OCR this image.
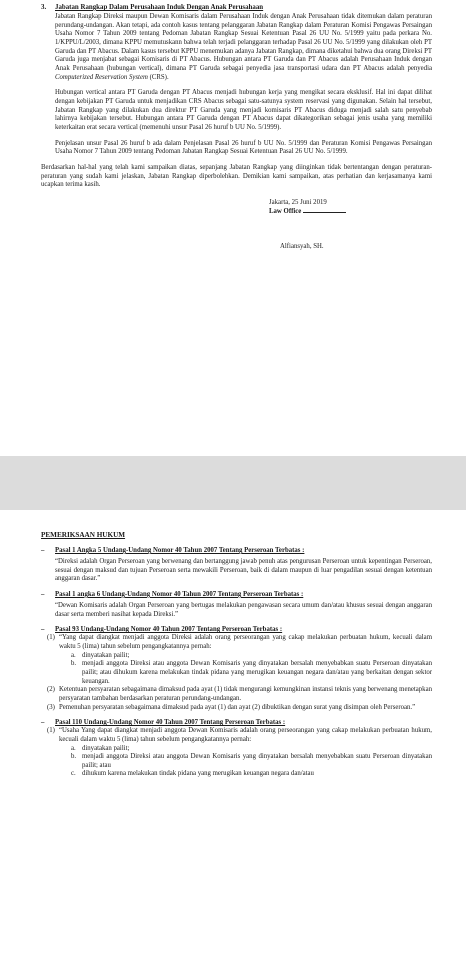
3. Jabatan Rangkap Dalam Perusahaan Induk Dengan Anak Perusahaan

Jabatan Rangkap Direksi maupun Dewan Komisaris dalam Perusahaan Induk dengan Anak Perusahaan tidak ditemukan dalam peraturan perundang-undangan. Akan tetapi, ada contoh kasus tentang pelanggaran Jabatan Rangkap dalam Peraturan Komisi Pengawas Persaingan Usaha Nomor 7 Tahun 2009 tentang Pedoman Jabatan Rangkap Sesuai Ketentuan Pasal 26 UU No. 5/1999 yaitu pada perkara No. 1/KPPU/L/2003, dimana KPPU memutuskann bahwa telah terjadi pelanggaran terhadap Pasal 26 UU No. 5/1999 yang dilakukan oleh PT Garuda dan PT Abacus. Dalam kasus tersebut KPPU menemukan adanya Jabatan Rangkap, dimana diketahui bahwa dua orang Direksi PT Garuda juga menjabat sebagai Komisaris di PT Abacus. Hubungan antara PT Garuda dan PT Abacus adalah Perusahaan Induk dengan Anak Perusahaan (hubungan vertical), dimana PT Garuda sebagai penyedia jasa transportasi udara dan PT Abacus adalah penyedia Computerized Reservation System (CRS).

Hubungan vertical antara PT Garuda dengan PT Abacus menjadi hubungan kerja yang mengikat secara eksklusif. Hal ini dapat dilihat dengan kebijakan PT Garuda untuk menjadikan CRS Abacus sebagai satu-satunya system reservasi yang digunakan. Selain hal tersebut, Jabatan Rangkap yang dilakukan dua direktur PT Garuda yang menjadi komisaris PT Abacus diduga menjadi salah satu penyebab lahirnya kebijakan tersebut. Hubungan antara PT Garuda dengan PT Abacus dapat dikategorikan sebagai jenis usaha yang memiliki keterkaitan erat secara vertical (memenuhi unsur Pasal 26 huruf b UU No. 5/1999).

Penjelasan unsur Pasal 26 huruf b ada dalam Penjelasan Pasal 26 huruf b UU No. 5/1999 dan Peraturan Komisi Pengawas Persaingan Usaha Nomor 7 Tahun 2009 tentang Pedoman Jabatan Rangkap Sesuai Ketentuan Pasal 26 UU No. 5/1999.

Berdasarkan hal-hal yang telah kami sampaikan diatas, sepanjang Jabatan Rangkap yang diinginkan tidak bertentangan dengan peraturan-peraturan yang sudah kami jelaskan, Jabatan Rangkap diperbolehkan. Demikian kami sampaikan, atas perhatian dan kerjasamanya kami ucapkan terima kasih.

Jakarta, 25 Juni 2019
Law Office
Alfiansyah, SH.
PEMERIKSAAN HUKUM
– Pasal 1 Angka 5 Undang-Undang Nomor 40 Tahun 2007 Tentang Perseroan Terbatas :

“Direksi adalah Organ Perseroan yang berwenang dan bertanggung jawab penuh atas pengurusan Perseroan untuk kepentingan Perseroan, sesuai dengan maksud dan tujuan Perseroan serta mewakili Perseroan, baik di dalam maupun di luar pengadilan sesuai dengan ketentuan anggaran dasar.”

– Pasal 1 angka 6 Undang-Undang Nomor 40 Tahun 2007 Tentang Perseroan Terbatas :

“Dewan Komisaris adalah Organ Perseroan yang bertugas melakukan pengawasan secara umum dan/atau khusus sesuai dengan anggaran dasar serta memberi nasihat kepada Direksi.”

– Pasal 93 Undang-Undang Nomor 40 Tahun 2007 Tentang Perseroan Terbatas :
(1) “Yang dapat diangkat menjadi anggota Direksi adalah orang perseorangan yang cakap melakukan perbuatan hukum, kecuali dalam waktu 5 (lima) tahun sebelum pengangkatannya pernah:
a. dinyatakan pailit;
b. menjadi anggota Direksi atau anggota Dewan Komisaris yang dinyatakan bersalah menyebabkan suatu Perseroan dinyatakan pailit; atau dihukum karena melakukan tindak pidana yang merugikan keuangan negara dan/atau yang berkaitan dengan sektor keuangan.
(2) Ketentuan persyaratan sebagaimana dimaksud pada ayat (1) tidak mengurangi kemungkinan instansi teknis yang berwenang menetapkan persyaratan tambahan berdasarkan peraturan perundang-undangan.
(3) Pemenuhan persyaratan sebagaimana dimaksud pada ayat (1) dan ayat (2) dibuktikan dengan surat yang disimpan oleh Perseroan.”
– Pasal 110 Undang-Undang Nomor 40 Tahun 2007 Tentang Perseroan Terbatas :
(1) “Usaha Yang dapat diangkat menjadi anggota Dewan Komisaris adalah orang perseorangan yang cakap melakukan perbuatan hukum, kecuali dalam waktu 5 (lima) tahun sebelum pengangkatannya pernah:
a. dinyatakan pailit;
b. menjadi anggota Direksi atau anggota Dewan Komisaris yang dinyatakan bersalah menyebabkan suatu Perseroan dinyatakan pailit; atau
c. dihukum karena melakukan tindak pidana yang merugikan keuangan negara dan/atau
